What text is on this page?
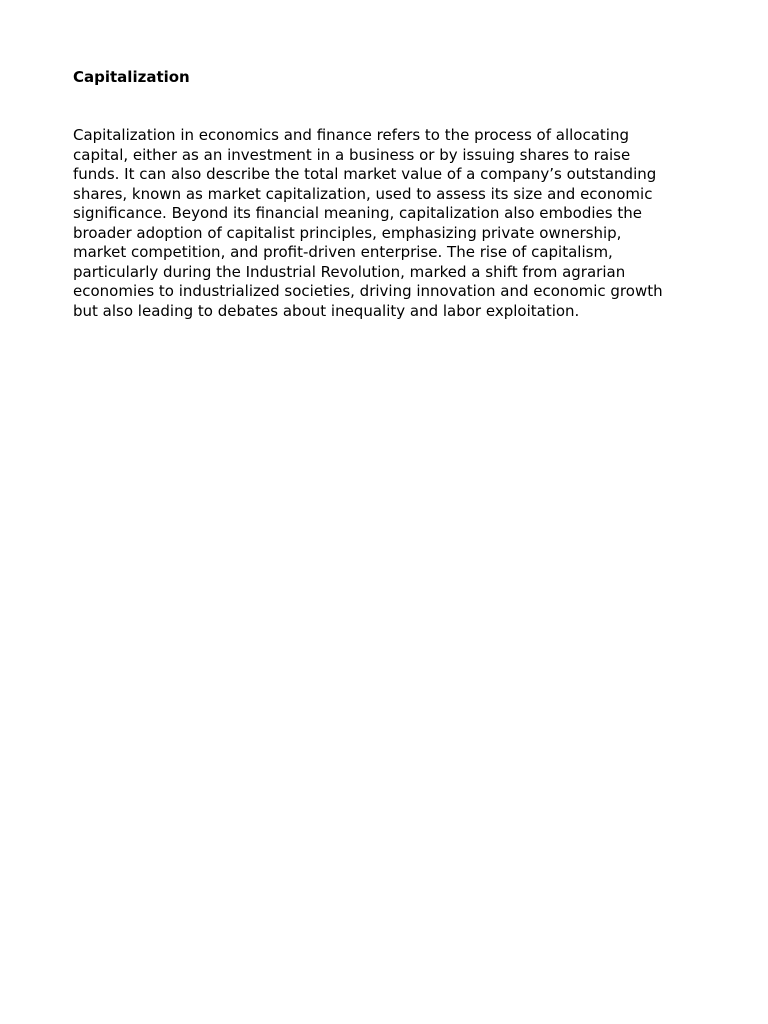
Capitalization

Capitalization in economics and finance refers to the process of allocating
capital, either as an investment in a business or by issuing shares to raise
funds. It can also describe the total market value of a company’s outstanding
shares, known as market capitalization, used to assess its size and economic
significance. Beyond its financial meaning, capitalization also embodies the
broader adoption of capitalist principles, emphasizing private ownership,
market competition, and profit-driven enterprise. The rise of capitalism,
particularly during the Industrial Revolution, marked a shift from agrarian
economies to industrialized societies, driving innovation and economic growth
but also leading to debates about inequality and labor exploitation.
